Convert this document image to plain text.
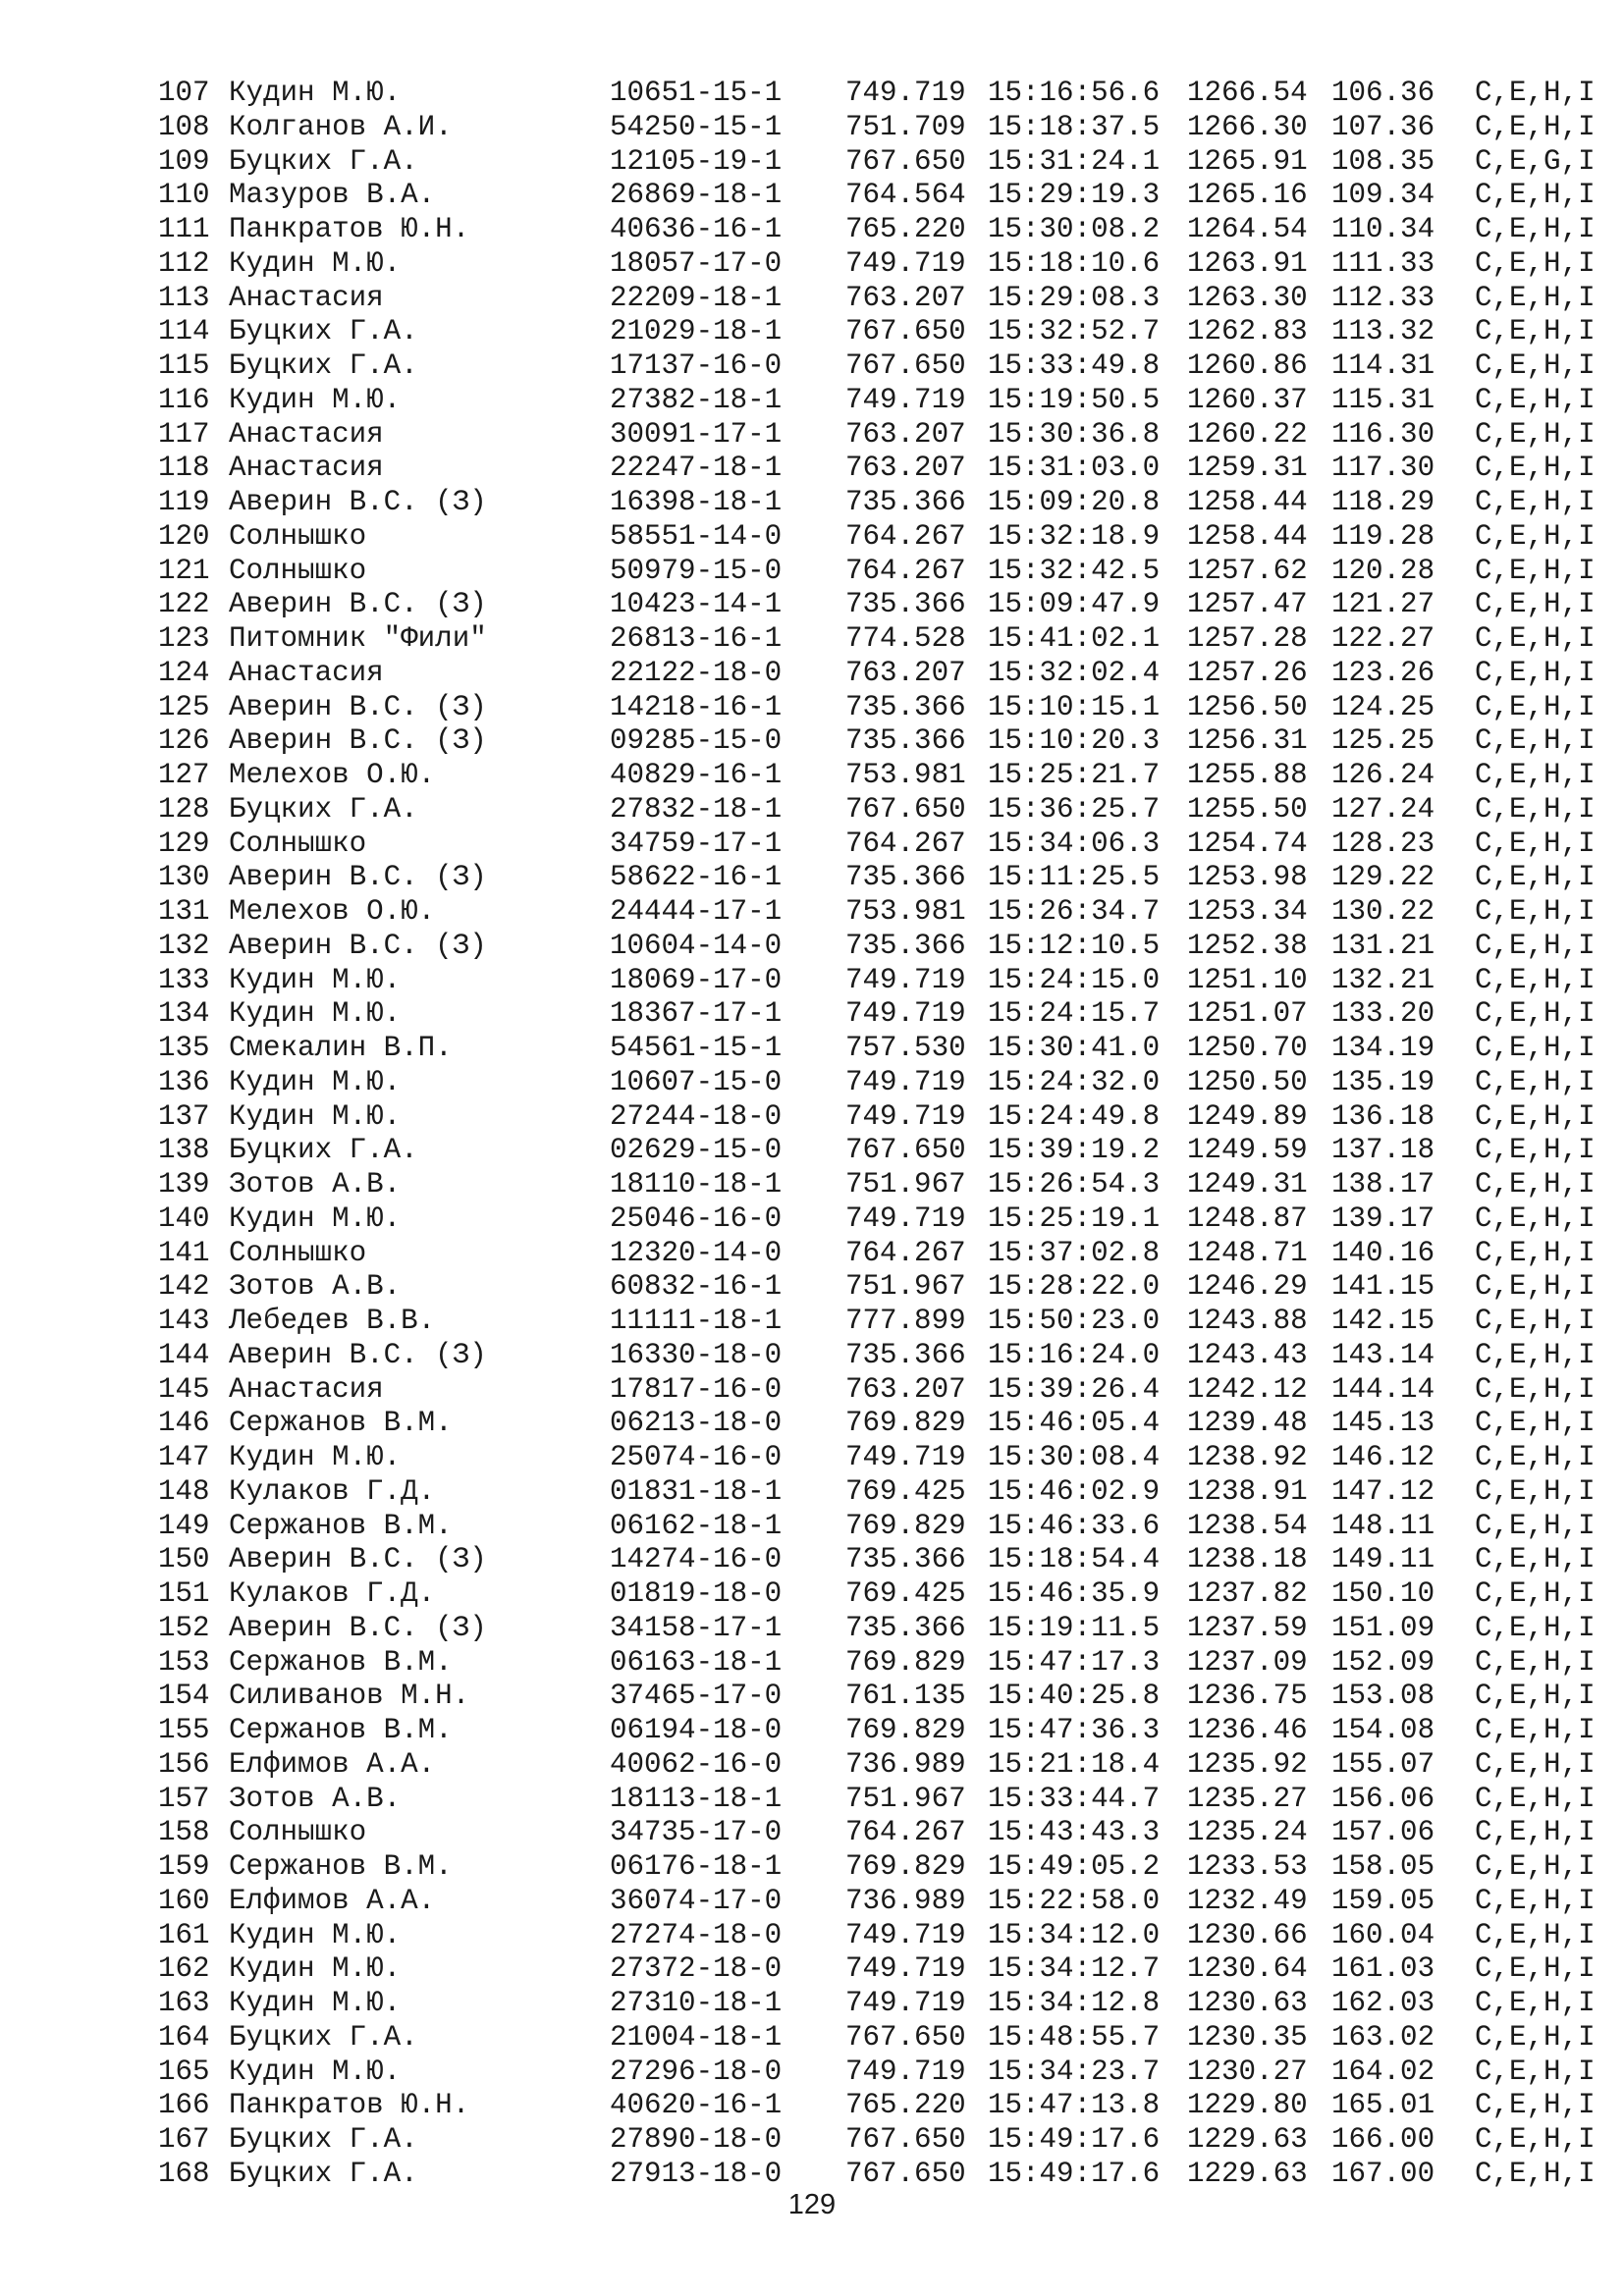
107 Кудин М.Ю.	10651-15-1 749.719 15:16:56.6 1266.54 106.36 C,E,H,I
108 Колганов А.И.	54250-15-1 751.709 15:18:37.5 1266.30 107.36 C,E,H,I
109 Буцких Г.А.	12105-19-1 767.650 15:31:24.1 1265.91 108.35 C,E,G,I
110 Мазуров В.А.	26869-18-1 764.564 15:29:19.3 1265.16 109.34 C,E,H,I
111 Панкратов Ю.Н.	40636-16-1 765.220 15:30:08.2 1264.54 110.34 C,E,H,I
112 Кудин М.Ю.	18057-17-0 749.719 15:18:10.6 1263.91 111.33 C,E,H,I
113 Анастасия	22209-18-1 763.207 15:29:08.3 1263.30 112.33 C,E,H,I
114 Буцких Г.А.	21029-18-1 767.650 15:32:52.7 1262.83 113.32 C,E,H,I
115 Буцких Г.А.	17137-16-0 767.650 15:33:49.8 1260.86 114.31 C,E,H,I
116 Кудин М.Ю.	27382-18-1 749.719 15:19:50.5 1260.37 115.31 C,E,H,I
117 Анастасия	30091-17-1 763.207 15:30:36.8 1260.22 116.30 C,E,H,I
118 Анастасия	22247-18-1 763.207 15:31:03.0 1259.31 117.30 C,E,H,I
119 Аверин В.С. (З)	16398-18-1 735.366 15:09:20.8 1258.44 118.29 C,E,H,I
120 Солнышко	58551-14-0 764.267 15:32:18.9 1258.44 119.28 C,E,H,I
121 Солнышко	50979-15-0 764.267 15:32:42.5 1257.62 120.28 C,E,H,I
122 Аверин В.С. (З)	10423-14-1 735.366 15:09:47.9 1257.47 121.27 C,E,H,I
123 Питомник "Фили"	26813-16-1 774.528 15:41:02.1 1257.28 122.27 C,E,H,I
124 Анастасия	22122-18-0 763.207 15:32:02.4 1257.26 123.26 C,E,H,I
125 Аверин В.С. (З)	14218-16-1 735.366 15:10:15.1 1256.50 124.25 C,E,H,I
126 Аверин В.С. (З)	09285-15-0 735.366 15:10:20.3 1256.31 125.25 C,E,H,I
127 Мелехов О.Ю.	40829-16-1 753.981 15:25:21.7 1255.88 126.24 C,E,H,I
128 Буцких Г.А.	27832-18-1 767.650 15:36:25.7 1255.50 127.24 C,E,H,I
129 Солнышко	34759-17-1 764.267 15:34:06.3 1254.74 128.23 C,E,H,I
130 Аверин В.С. (З)	58622-16-1 735.366 15:11:25.5 1253.98 129.22 C,E,H,I
131 Мелехов О.Ю.	24444-17-1 753.981 15:26:34.7 1253.34 130.22 C,E,H,I
132 Аверин В.С. (З)	10604-14-0 735.366 15:12:10.5 1252.38 131.21 C,E,H,I
133 Кудин М.Ю.	18069-17-0 749.719 15:24:15.0 1251.10 132.21 C,E,H,I
134 Кудин М.Ю.	18367-17-1 749.719 15:24:15.7 1251.07 133.20 C,E,H,I
135 Смекалин В.П.	54561-15-1 757.530 15:30:41.0 1250.70 134.19 C,E,H,I
136 Кудин М.Ю.	10607-15-0 749.719 15:24:32.0 1250.50 135.19 C,E,H,I
137 Кудин М.Ю.	27244-18-0 749.719 15:24:49.8 1249.89 136.18 C,E,H,I
138 Буцких Г.А.	02629-15-0 767.650 15:39:19.2 1249.59 137.18 C,E,H,I
139 Зотов А.В.	18110-18-1 751.967 15:26:54.3 1249.31 138.17 C,E,H,I
140 Кудин М.Ю.	25046-16-0 749.719 15:25:19.1 1248.87 139.17 C,E,H,I
141 Солнышко	12320-14-0 764.267 15:37:02.8 1248.71 140.16 C,E,H,I
142 Зотов А.В.	60832-16-1 751.967 15:28:22.0 1246.29 141.15 C,E,H,I
143 Лебедев В.В.	11111-18-1 777.899 15:50:23.0 1243.88 142.15 C,E,H,I
144 Аверин В.С. (З)	16330-18-0 735.366 15:16:24.0 1243.43 143.14 C,E,H,I
145 Анастасия	17817-16-0 763.207 15:39:26.4 1242.12 144.14 C,E,H,I
146 Сержанов В.М.	06213-18-0 769.829 15:46:05.4 1239.48 145.13 C,E,H,I
147 Кудин М.Ю.	25074-16-0 749.719 15:30:08.4 1238.92 146.12 C,E,H,I
148 Кулаков Г.Д.	01831-18-1 769.425 15:46:02.9 1238.91 147.12 C,E,H,I
149 Сержанов В.М.	06162-18-1 769.829 15:46:33.6 1238.54 148.11 C,E,H,I
150 Аверин В.С. (З)	14274-16-0 735.366 15:18:54.4 1238.18 149.11 C,E,H,I
151 Кулаков Г.Д.	01819-18-0 769.425 15:46:35.9 1237.82 150.10 C,E,H,I
152 Аверин В.С. (З)	34158-17-1 735.366 15:19:11.5 1237.59 151.09 C,E,H,I
153 Сержанов В.М.	06163-18-1 769.829 15:47:17.3 1237.09 152.09 C,E,H,I
154 Силиванов М.Н.	37465-17-0 761.135 15:40:25.8 1236.75 153.08 C,E,H,I
155 Сержанов В.М.	06194-18-0 769.829 15:47:36.3 1236.46 154.08 C,E,H,I
156 Елфимов А.А.	40062-16-0 736.989 15:21:18.4 1235.92 155.07 C,E,H,I
157 Зотов А.В.	18113-18-1 751.967 15:33:44.7 1235.27 156.06 C,E,H,I
158 Солнышко	34735-17-0 764.267 15:43:43.3 1235.24 157.06 C,E,H,I
159 Сержанов В.М.	06176-18-1 769.829 15:49:05.2 1233.53 158.05 C,E,H,I
160 Елфимов А.А.	36074-17-0 736.989 15:22:58.0 1232.49 159.05 C,E,H,I
161 Кудин М.Ю.	27274-18-0 749.719 15:34:12.0 1230.66 160.04 C,E,H,I
162 Кудин М.Ю.	27372-18-0 749.719 15:34:12.7 1230.64 161.03 C,E,H,I
163 Кудин М.Ю.	27310-18-1 749.719 15:34:12.8 1230.63 162.03 C,E,H,I
164 Буцких Г.А.	21004-18-1 767.650 15:48:55.7 1230.35 163.02 C,E,H,I
165 Кудин М.Ю.	27296-18-0 749.719 15:34:23.7 1230.27 164.02 C,E,H,I
166 Панкратов Ю.Н.	40620-16-1 765.220 15:47:13.8 1229.80 165.01 C,E,H,I
167 Буцких Г.А.	27890-18-0 767.650 15:49:17.6 1229.63 166.00 C,E,H,I
168 Буцких Г.А.	27913-18-0 767.650 15:49:17.6 1229.63 167.00 C,E,H,I
129
